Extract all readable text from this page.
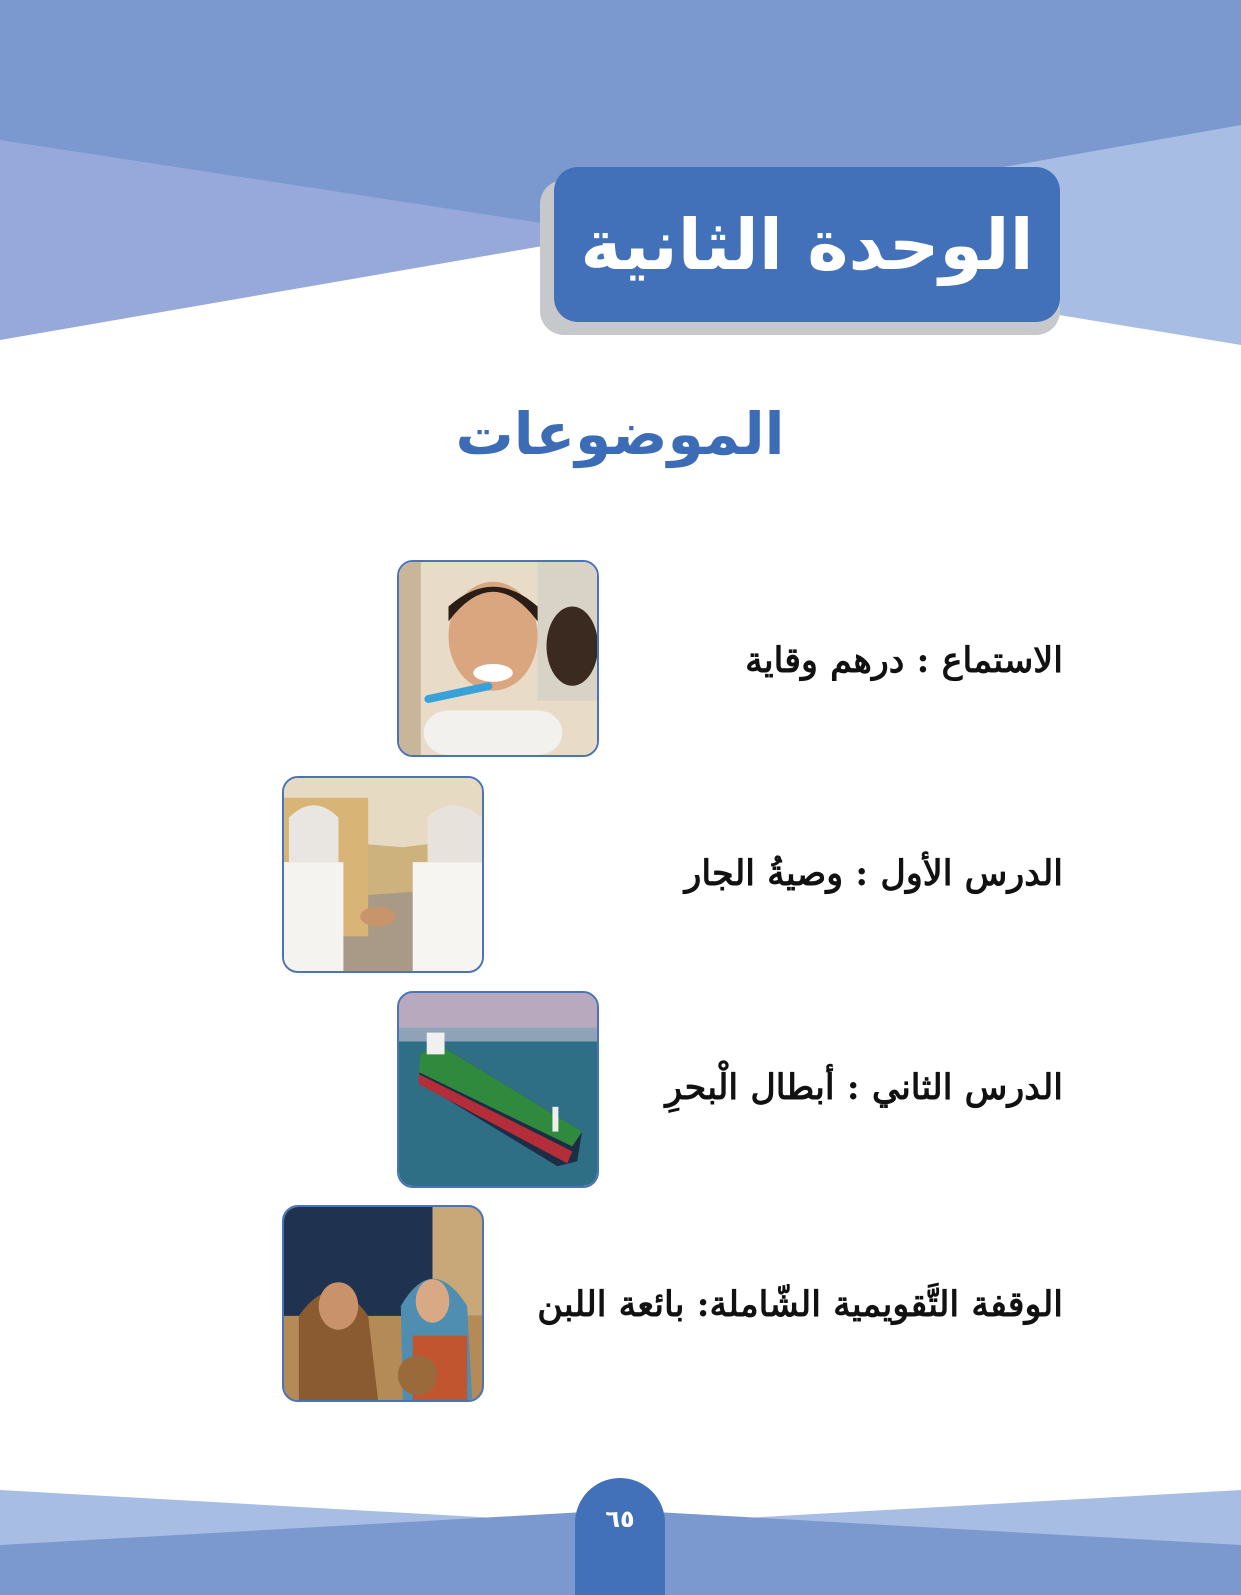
الوحدة الثانية
الموضوعات
الاستماع : درهم وقاية
الدرس الأول : وصيةُ الجار
الدرس الثاني : أبطال الْبحرِ
الوقفة التَّقويمية الشّاملة: بائعة اللبن
٦٥
